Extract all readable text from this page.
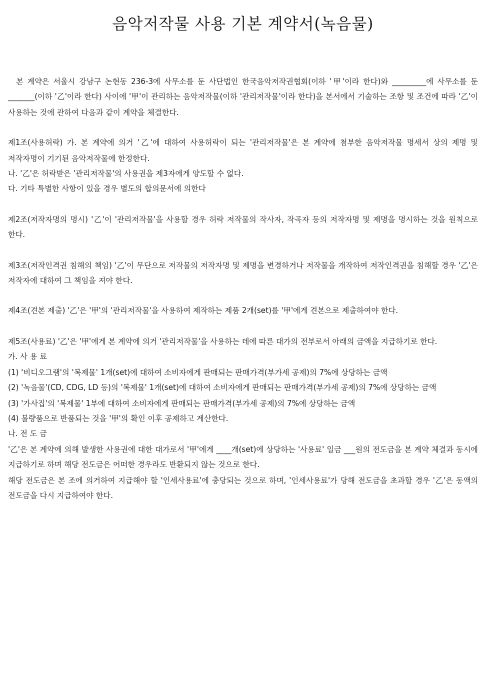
음악저작물 사용 기본 계약서(녹음물)

본 계약은 서울시 강남구 논현동 236-3에 사무소를 둔 사단법인 한국음악저작권협회(이하 '甲'이라 한다)와 _________에 사무소를 둔 _______(이하 '乙'이라 한다) 사이에 '甲'이 관리하는 음악저작물(이하 '관리저작물'이라 한다)을 본서에서 기술하는 조항 및 조건에 따라 '乙'이 사용하는 것에 관하여 다음과 같이 계약을 체결한다.

제1조(사용허락) 가. 본 계약에 의거 '乙'에 대하여 사용허락이 되는 '관리저작물'은 본 계약에 첨부한 음악저작물 명세서 상의 제명 및 저작자명이 기기된 음악저작물에 한정한다.

나. '乙'은 허락받은 '관리저작물'의 사용권을 제3자에게 양도할 수 없다.

다. 기타 특별한 사항이 있을 경우 별도의 합의문서에 의한다

제2조(저작자명의 명시) '乙'이 '관리저작물'을 사용할 경우 허락 저작물의 작사자, 작곡자 등의 저작자명 및 제명을 명시하는 것을 원칙으로 한다.

제3조(저작인격권 침해의 책임) '乙'이 무단으로 저작물의 저작자명 및 제명을 변경하거나 저작물을 개작하여 저작인격권을 침해할 경우 '乙'은 저작자에 대하여 그 책임을 져야 한다.

제4조(견본 제출) '乙'은 '甲'의 '관리저작물'을 사용하여 제작하는 제품 2개(set)를 '甲'에게 견본으로 제출하여야 한다.

제5조(사용료) '乙'은 '甲'에게 본 계약에 의거 '관리저작물'을 사용하는 데에 따른 대가의 전부로서 아래의 금액을 지급하기로 한다.

가. 사 용 료

(1) '비디오그램'의 '복제물' 1개(set)에 대하여 소비자에게 판매되는 판매가격(부가세 공제)의 7%에 상당하는 금액

(2) '녹음물'(CD, CDG, LD 등)의 '복제물' 1개(set)에 대하여 소비자에게 판매되는 판매가격(부가세 공제)의 7%에 상당하는 금액

(3) '가사집'의 '복제물' 1부에 대하여 소비자에게 판매되는 판매가격(부가세 공제)의 7%에 상당하는 금액

(4) 불량품으로 반품되는 것을 '甲'의 확인 이후 공제하고 계산한다.

나. 전 도 금

'乙'은 본 계약에 의해 발생한 사용권에 대한 대가로서 '甲'에게 ____개(set)에 상당하는 '사용료' 일금 ___원의 전도금을 본 계약 체결과 동시에 지급하기로 하며 해당 전도금은 어떠한 경우라도 반환되지 않는 것으로 한다.

해당 전도금은 본 조에 의거하여 지급해야 할 '인세사용료'에 충당되는 것으로 하며, '인세사용료'가 당해 전도금을 초과할 경우 '乙'은 동액의 전도금을 다시 지급하여야 한다.
